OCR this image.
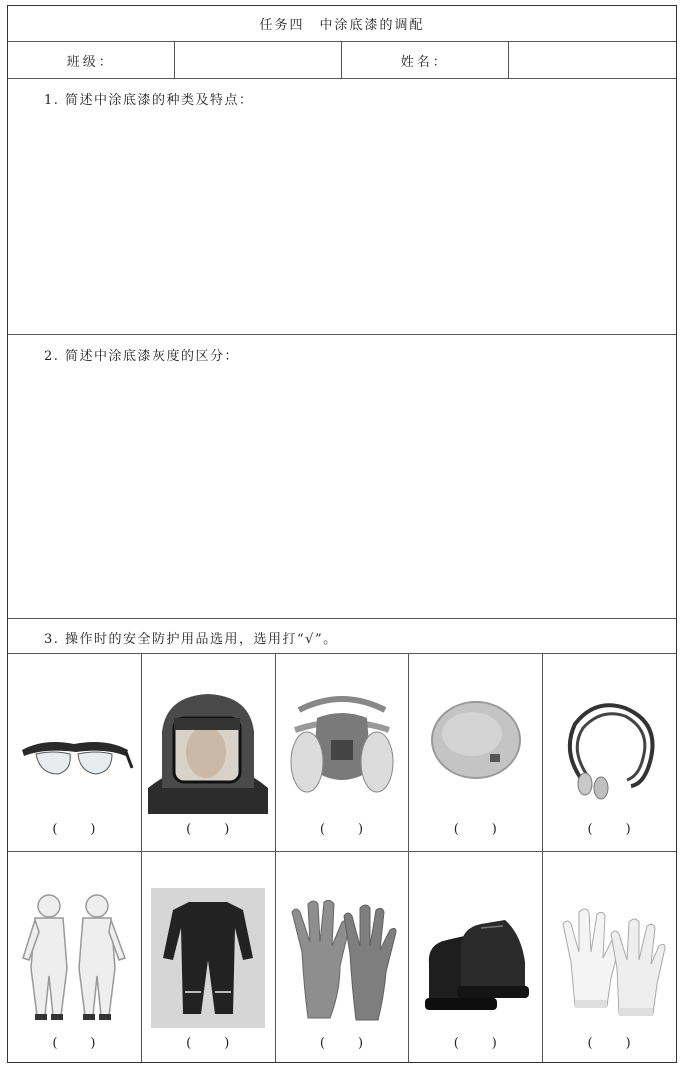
任务四　中涂底漆的调配
班级：	姓名：
1. 简述中涂底漆的种类及特点：
2. 简述中涂底漆灰度的区分：
3. 操作时的安全防护用品选用，选用打“√”。
( )	( )	( )	( )	( )
( )	( )	( )	( )	( )
